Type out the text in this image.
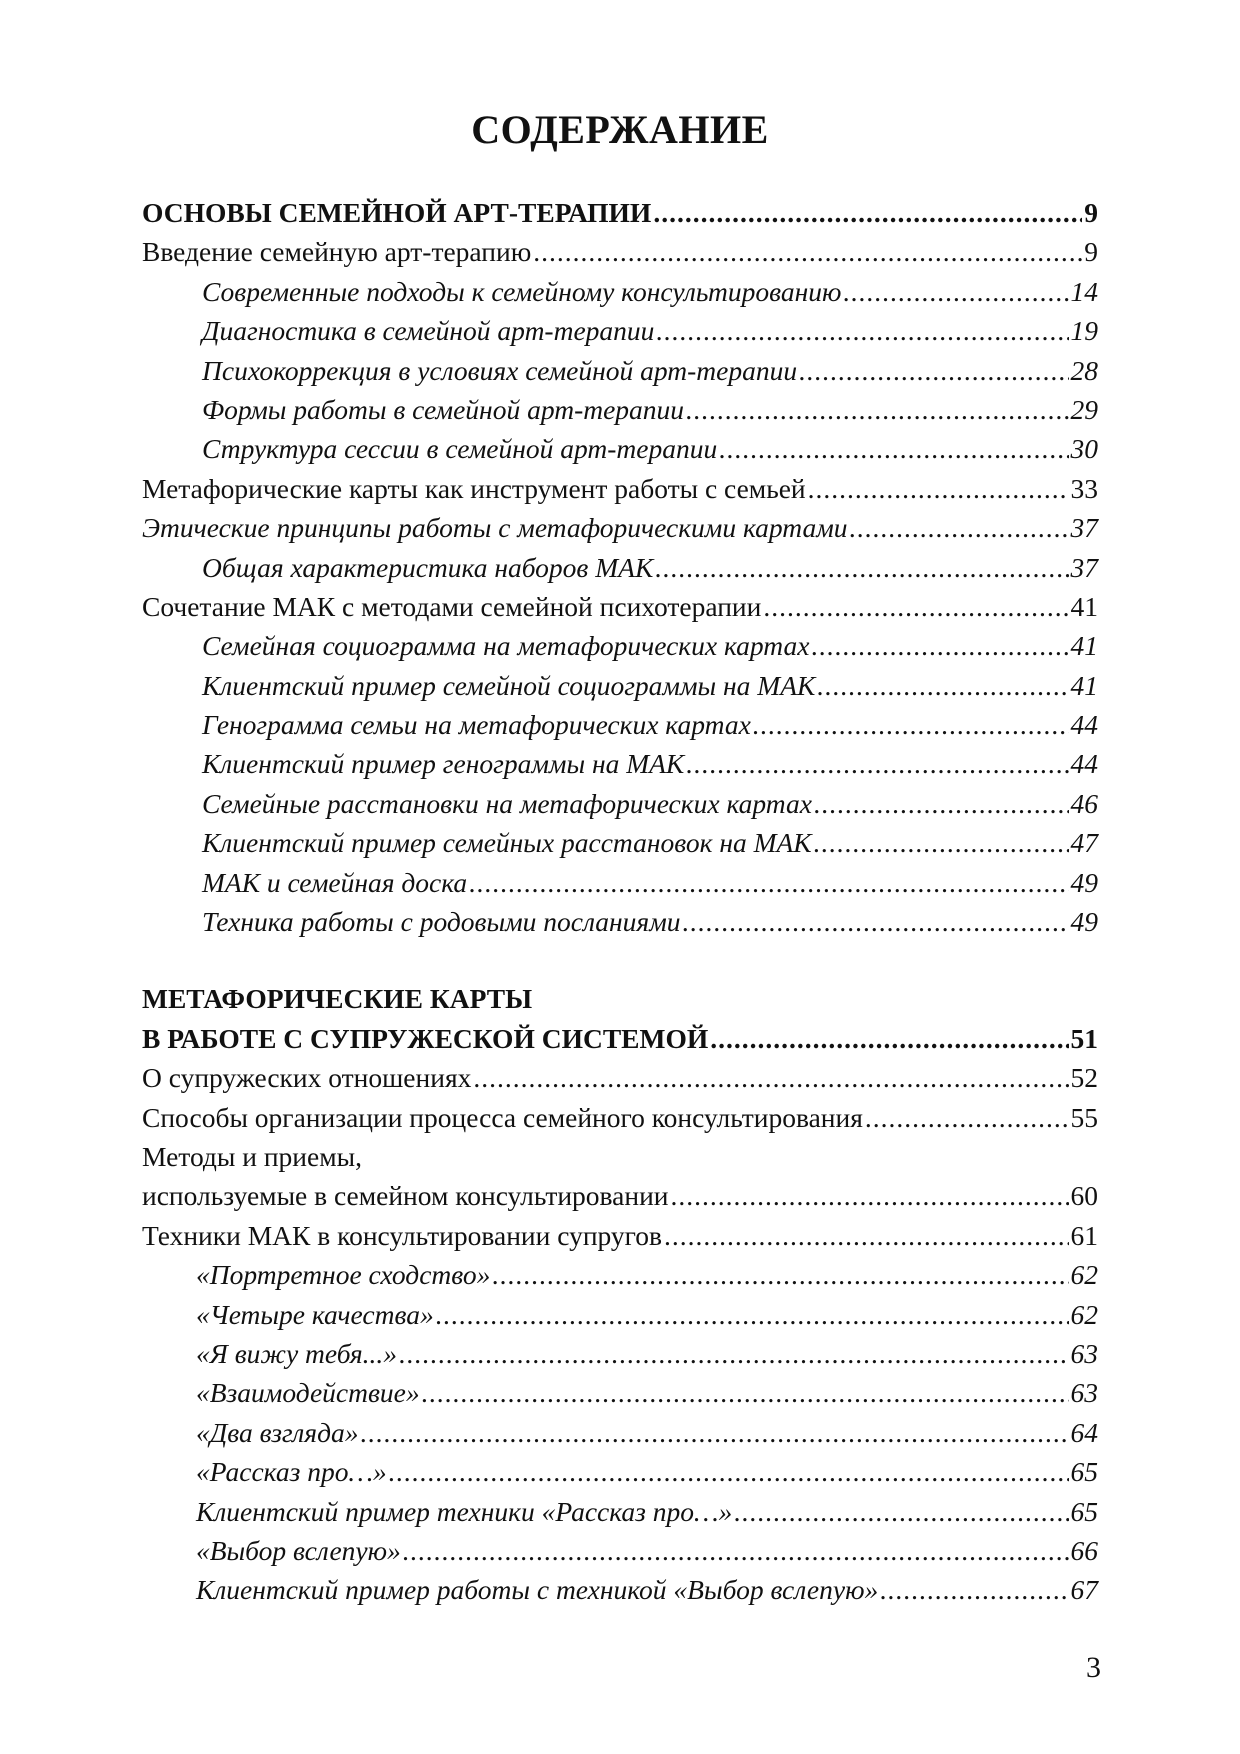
СОДЕРЖАНИЕ
ОСНОВЫ СЕМЕЙНОЙ АРТ-ТЕРАПИИ .....	9
Введение семейную арт-терапию .....	9
Современные подходы к семейному консультированию .....	14
Диагностика в семейной арт-терапии .....	19
Психокоррекция в условиях семейной арт-терапии .....	28
Формы работы в семейной арт-терапии .....	29
Структура сессии в семейной арт-терапии .....	30
Метафорические карты как инструмент работы с семьей .....	33
Этические принципы работы с метафорическими картами .....	37
Общая характеристика наборов МАК .....	37
Сочетание МАК с методами семейной психотерапии .....	41
Семейная социограмма на метафорических картах .....	41
Клиентский пример семейной социограммы на МАК .....	41
Генограмма семьи на метафорических картах .....	44
Клиентский пример генограммы на МАК .....	44
Семейные расстановки на метафорических картах .....	46
Клиентский пример семейных расстановок на МАК .....	47
МАК и семейная доска .....	49
Техника работы с родовыми посланиями .....	49
МЕТАФОРИЧЕСКИЕ КАРТЫ
В РАБОТЕ С СУПРУЖЕСКОЙ СИСТЕМОЙ .....	51
О супружеских отношениях .....	52
Способы организации процесса семейного консультирования .....	55
Методы и приемы,
используемые в семейном консультировании .....	60
Техники МАК в консультировании супругов .....	61
«Портретное сходство» .....	62
«Четыре качества» .....	62
«Я вижу тебя...» .....	63
«Взаимодействие» .....	63
«Два взгляда» .....	64
«Рассказ про…» .....	65
Клиентский пример техники «Рассказ про…» .....	65
«Выбор вслепую» .....	66
Клиентский пример работы с техникой «Выбор вслепую» .....	67
3
